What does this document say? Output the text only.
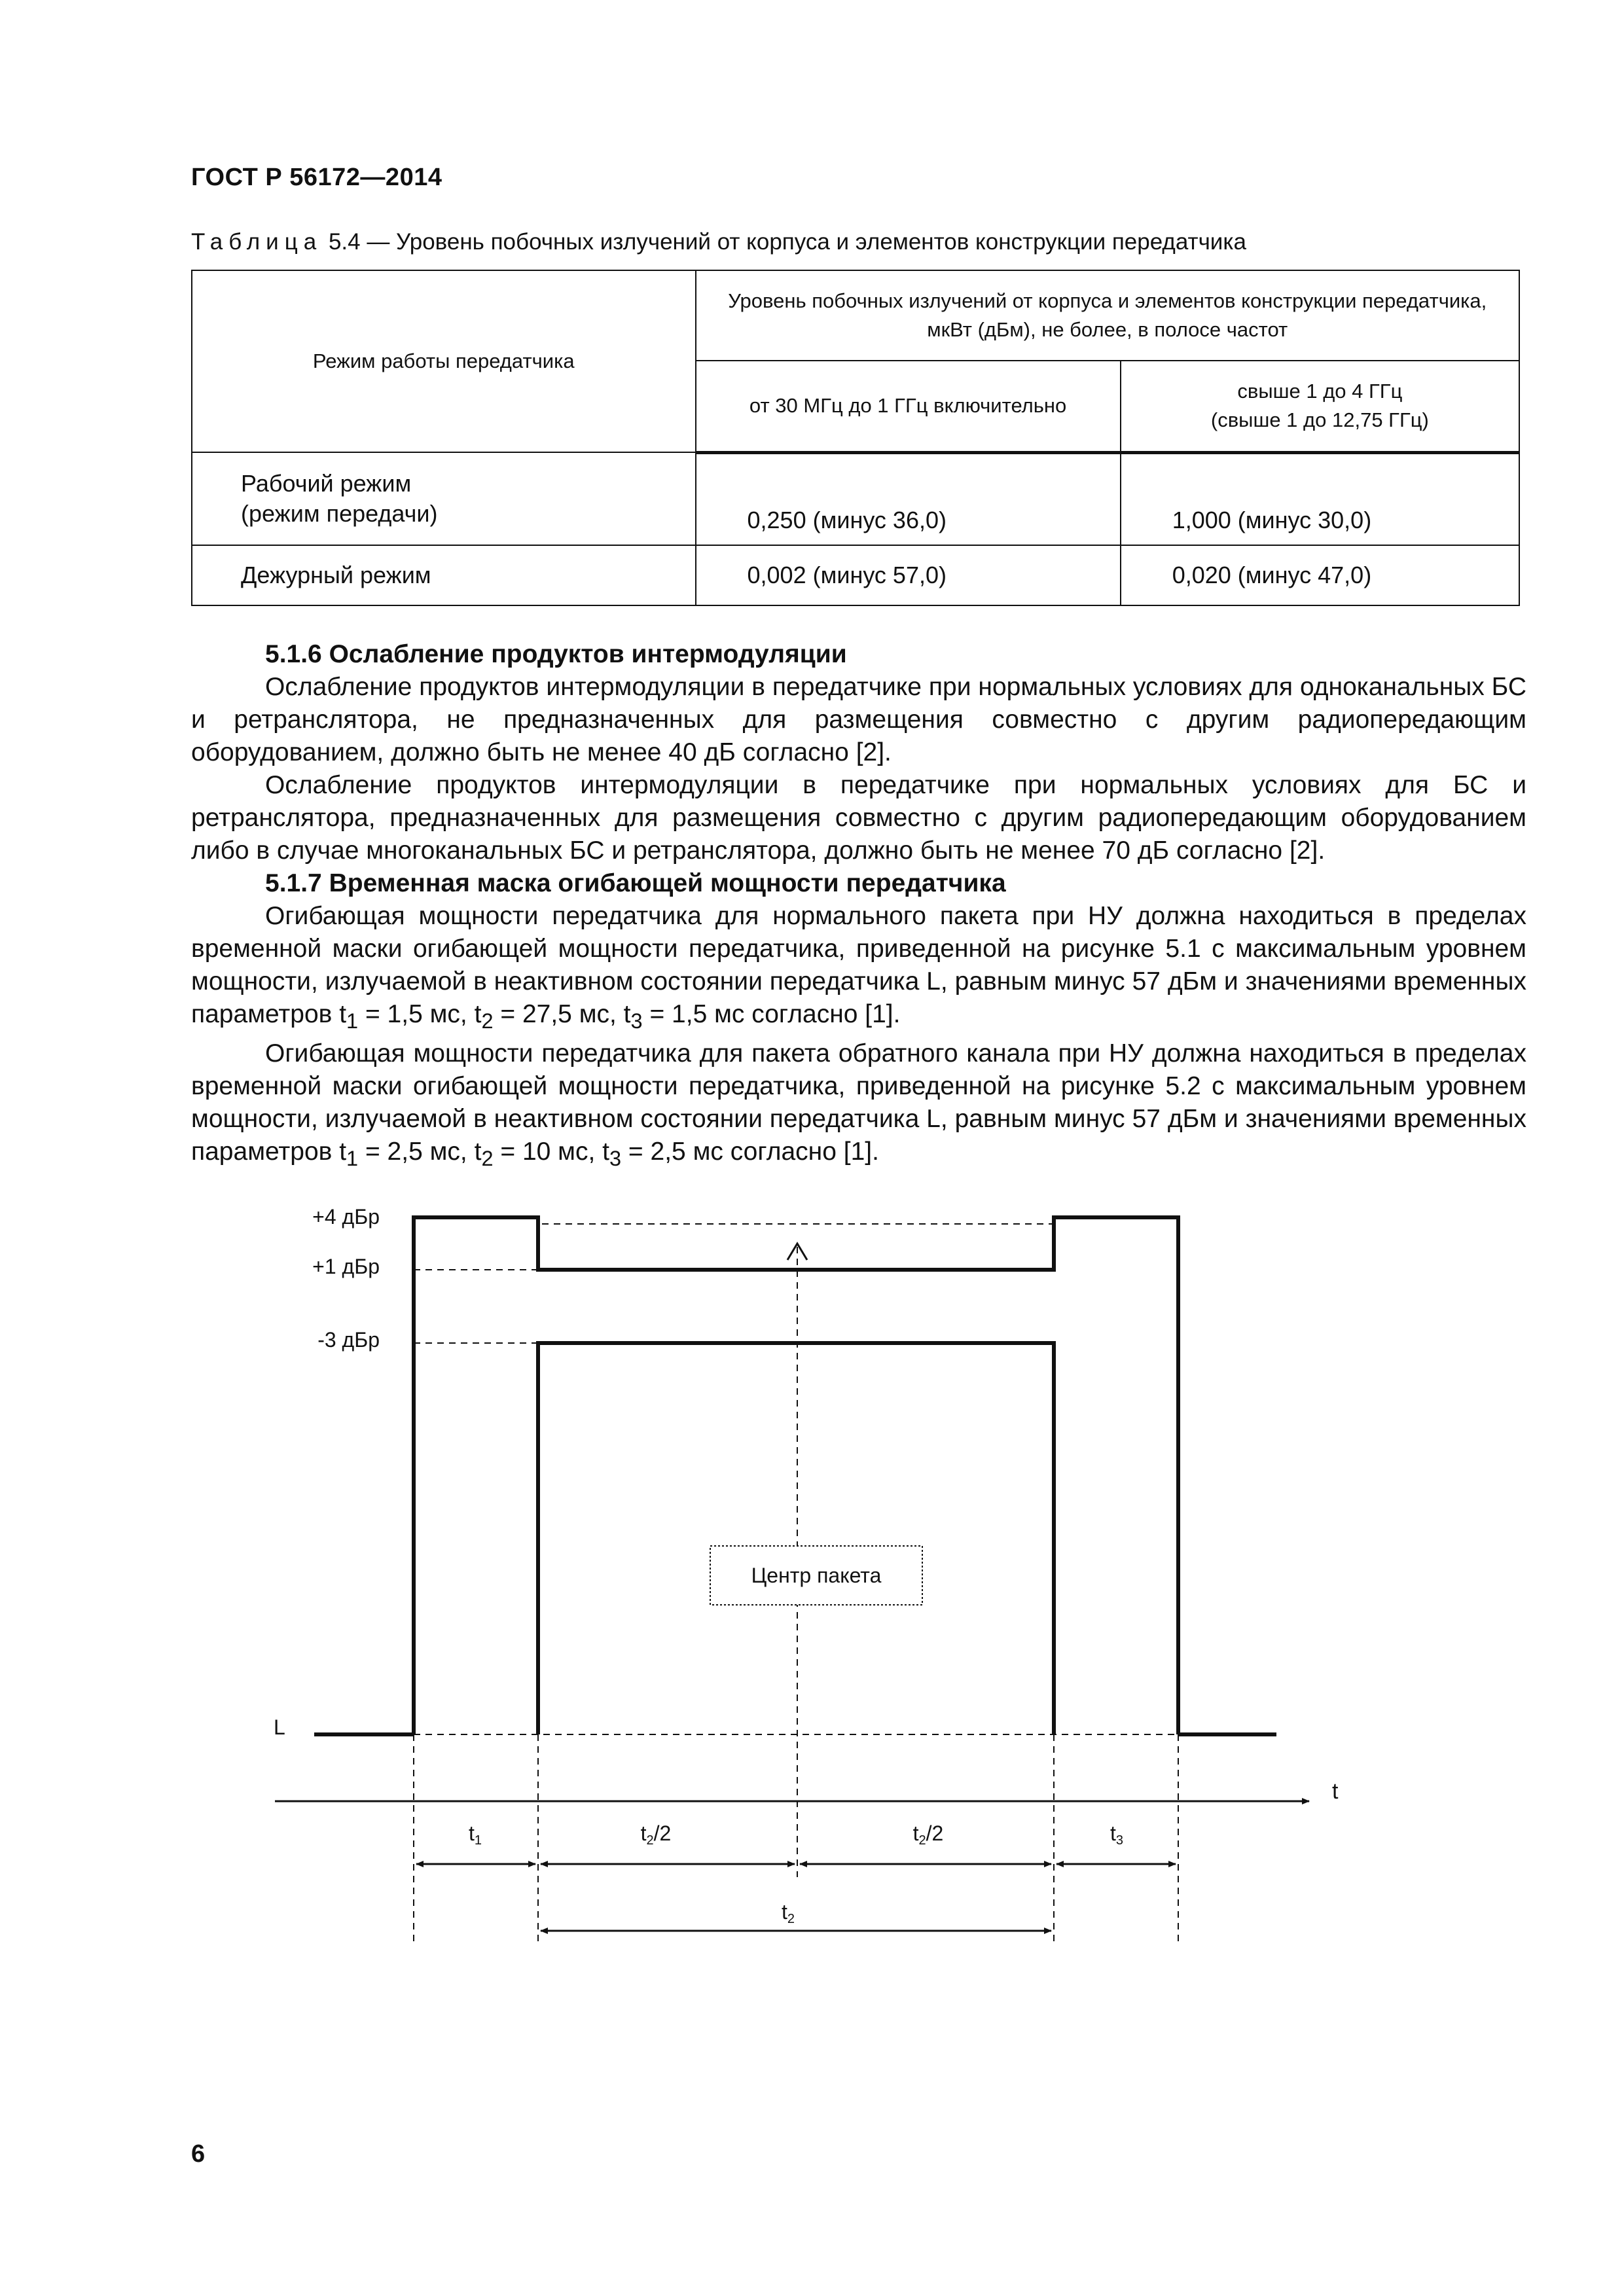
ГОСТ Р 56172—2014
Таблица 5.4 — Уровень побочных излучений от корпуса и элементов конструкции передатчика
Режим работы передатчика	Уровень побочных излучений от корпуса и элементов конструкции передатчика, мкВт (дБм), не более, в полосе частот	

	от 30 МГц до 1 ГГц включительно	свыше 1 до 4 ГГц
(свыше 1 до 12,75 ГГц)

Рабочий режим
(режим передачи)	0,250 (минус 36,0)	1,000 (минус 30,0)
Дежурный режим	0,002 (минус 57,0)	0,020 (минус 47,0)
5.1.6 Ослабление продуктов интермодуляции

Ослабление продуктов интермодуляции в передатчике при нормальных условиях для одноканальных БС и ретранслятора, не предназначенных для размещения совместно с другим радиопередающим оборудованием, должно быть не менее 40 дБ согласно [2].

Ослабление продуктов интермодуляции в передатчике при нормальных условиях для БС и ретранслятора, предназначенных для размещения совместно с другим радиопередающим оборудованием либо в случае многоканальных БС и ретранслятора, должно быть не менее 70 дБ согласно [2].

5.1.7 Временная маска огибающей мощности передатчика

Огибающая мощности передатчика для нормального пакета при НУ должна находиться в пределах временной маски огибающей мощности передатчика, приведенной на рисунке 5.1 с максимальным уровнем мощности, излучаемой в неактивном состоянии передатчика L, равным минус 57 дБм и значениями временных параметров $t_1 = 1,5$ мс, $t_2 = 27,5$ мс, $t_3 = 1,5$ мс согласно [1].

Огибающая мощности передатчика для пакета обратного канала при НУ должна находиться в пределах временной маски огибающей мощности передатчика, приведенной на рисунке 5.2 с максимальным уровнем мощности, излучаемой в неактивном состоянии передатчика L, равным минус 57 дБм и значениями временных параметров $t_1 = 2,5$ мс, $t_2 = 10$ мс, $t_3 = 2,5$ мс согласно [1].

Центр пакета
+4 дБр
+1 дБр
-3 дБр
L
t
t1	t2/2	t2/2	t3
t2
6
